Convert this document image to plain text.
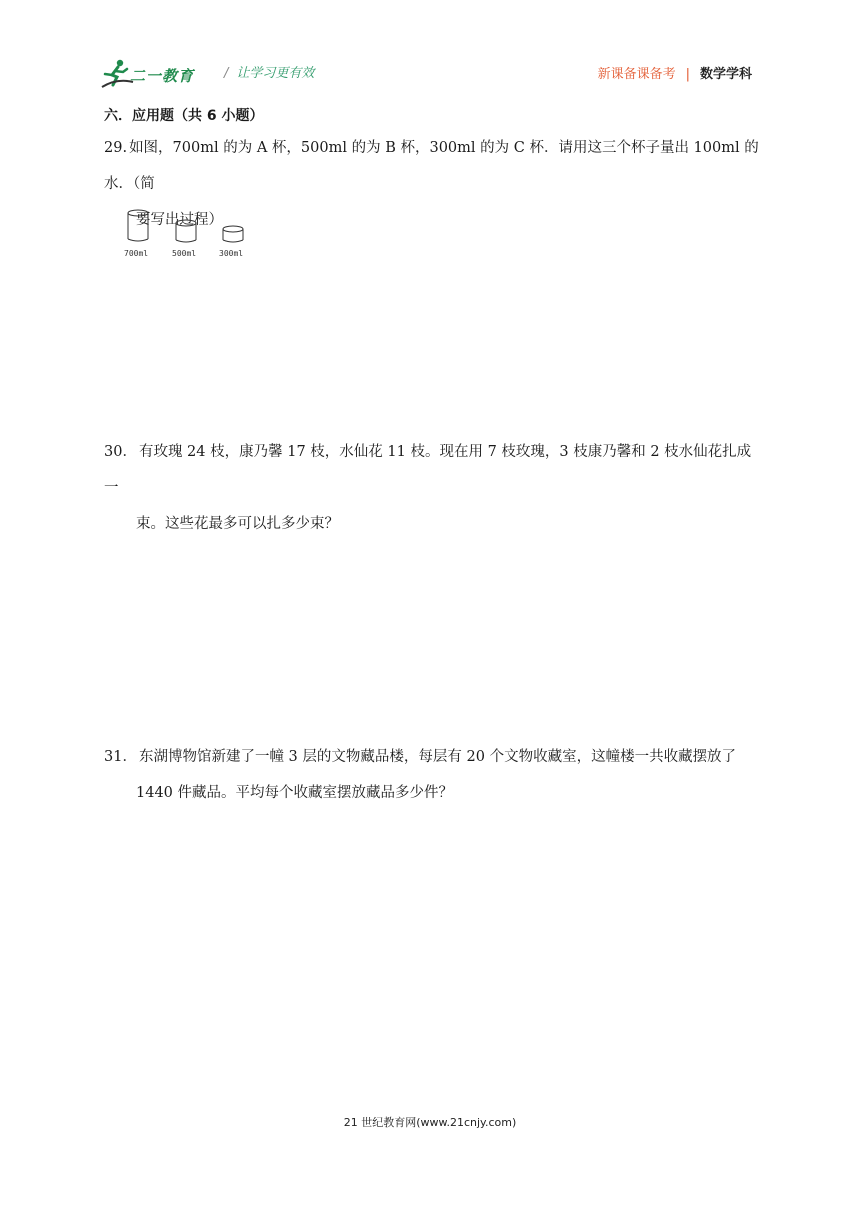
二一教育 / 让学习更有效	新课备课备考 | 数学学科
六．应用题（共 6 小题）
29. 如图，700ml 的为 A 杯，500ml 的为 B 杯，300ml 的为 C 杯．请用这三个杯子量出 100ml 的水．（简
要写出过程）
700ml	500ml	300ml
30． 有玫瑰 24 枝，康乃馨 17 枝，水仙花 11 枝。现在用 7 枝玫瑰，3 枝康乃馨和 2 枝水仙花扎成一
束。这些花最多可以扎多少束？
31． 东湖博物馆新建了一幢 3 层的文物藏品楼，每层有 20 个文物收藏室，这幢楼一共收藏摆放了
1440 件藏品。平均每个收藏室摆放藏品多少件？
21 世纪教育网(www.21cnjy.com)
